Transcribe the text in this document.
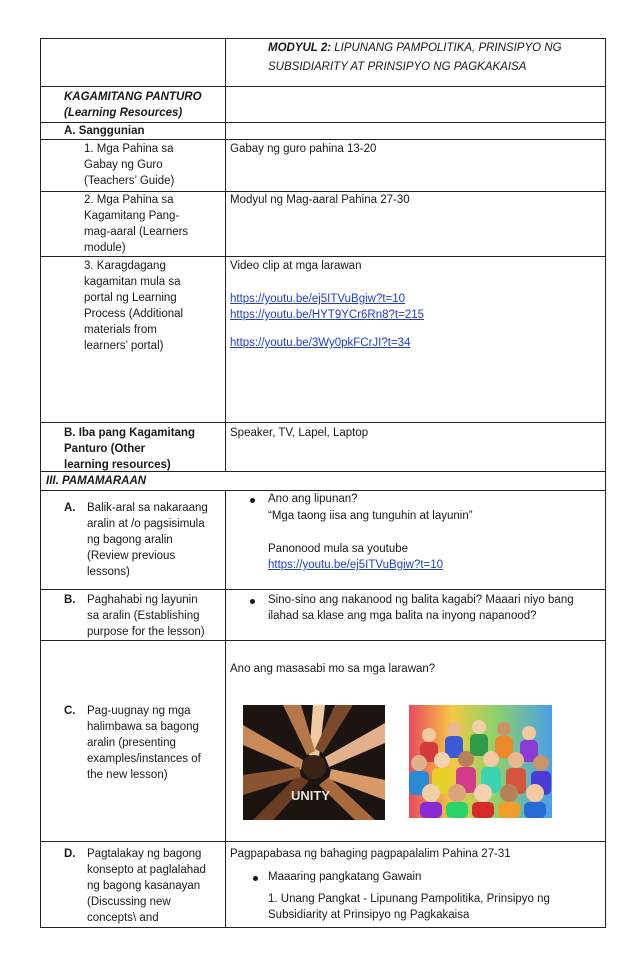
MODYUL 2: LIPUNANG PAMPOLITIKA, PRINSIPYO NG
SUBSIDIARITY AT PRINSIPYO NG PAGKAKAISA
KAGAMITANG PANTURO
(Learning Resources)
A. Sanggunian
1. Mga Pahina sa
Gabay ng Guro
(Teachers’ Guide)
Gabay ng guro pahina 13-20
2. Mga Pahina sa
Kagamitang Pang-
mag-aaral (Learners
module)
Modyul ng Mag-aaral Pahina 27-30
3. Karagdagang
kagamitan mula sa
portal ng Learning
Process (Additional
materials from
learners’ portal)
Video clip at mga larawan
https://youtu.be/ej5ITVuBgiw?t=10
https://youtu.be/HYT9YCr6Rn8?t=215
https://youtu.be/3Wy0pkFCrJI?t=34
B. Iba pang Kagamitang
Panturo (Other
learning resources)
Speaker, TV, Lapel, Laptop
III. PAMAMARAAN
A. Balik-aral sa nakaraang
aralin at /o pagsisimula
ng bagong aralin
(Review previous
lessons)
Ano ang lipunan?
“Mga taong iisa ang tunguhin at layunin”
Panonood mula sa youtube
https://youtu.be/ej5ITVuBgiw?t=10
B. Paghahabi ng layunin
sa aralin (Establishing
purpose for the lesson)
Sino-sino ang nakanood ng balita kagabi? Maaari niyo bang
ilahad sa klase ang mga balita na inyong napanood?
C. Pag-uugnay ng mga
halimbawa sa bagong
aralin (presenting
examples/instances of
the new lesson)
Ano ang masasabi mo sa mga larawan?
UNITY
D. Pagtalakay ng bagong
konsepto at paglalahad
ng bagong kasanayan
(Discussing new
concepts\ and
Pagpapabasa ng bahaging pagpapalalim Pahina 27-31
Maaaring pangkatang Gawain
1. Unang Pangkat - Lipunang Pampolitika, Prinsipyo ng
Subsidiarity at Prinsipyo ng Pagkakaisa
